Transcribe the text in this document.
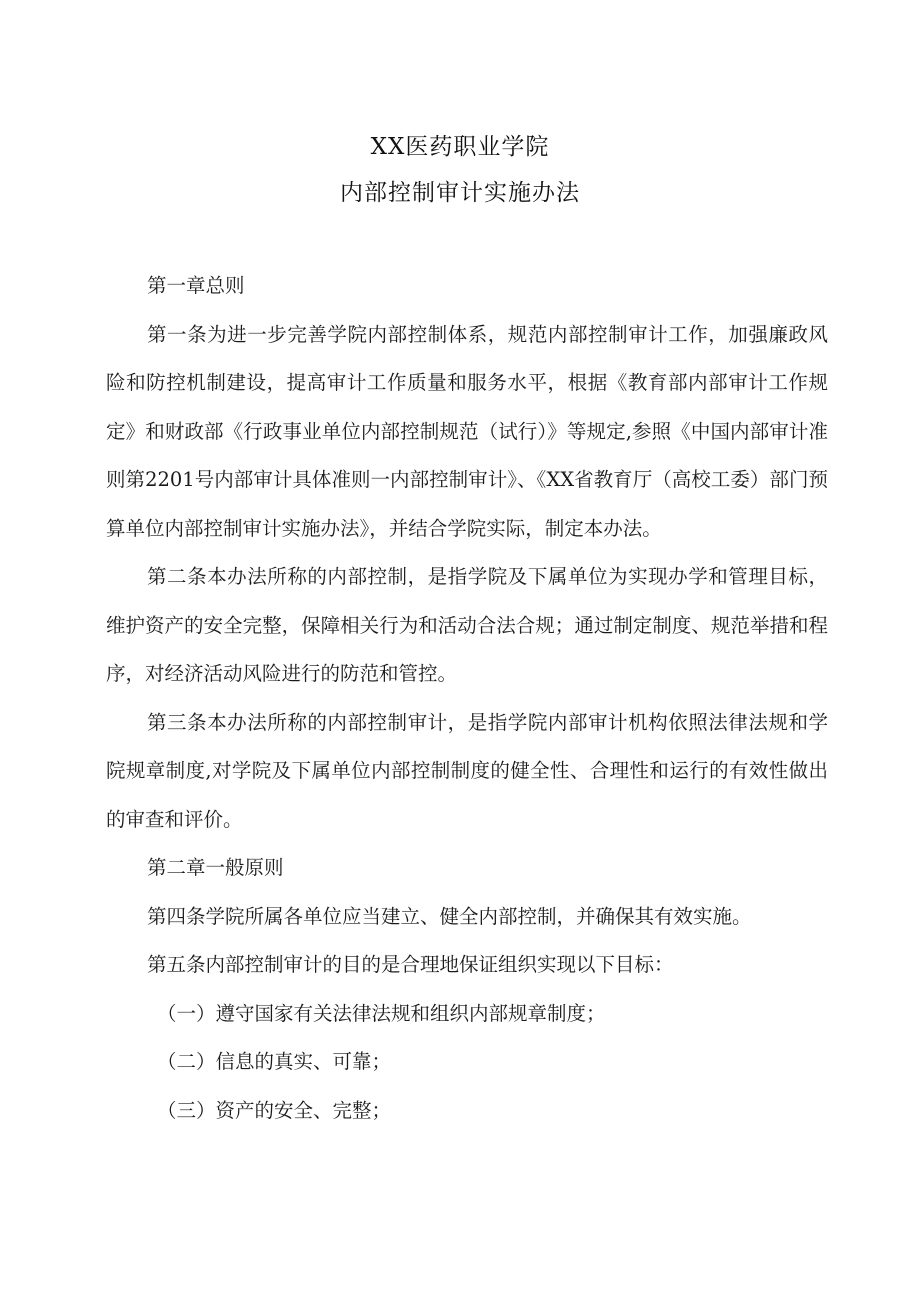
XX医药职业学院
内部控制审计实施办法

第一章总则

第一条为进一步完善学院内部控制体系，规范内部控制审计工作，加强廉政风险和防控机制建设，提高审计工作质量和服务水平，根据《教育部内部审计工作规定》和财政部《行政事业单位内部控制规范（试行）》等规定,参照《中国内部审计准则第2201号内部审计具体准则一内部控制审计》、《XX省教育厅（高校工委）部门预算单位内部控制审计实施办法》，并结合学院实际，制定本办法。

第二条本办法所称的内部控制，是指学院及下属单位为实现办学和管理目标，维护资产的安全完整，保障相关行为和活动合法合规；通过制定制度、规范举措和程序，对经济活动风险进行的防范和管控。

第三条本办法所称的内部控制审计，是指学院内部审计机构依照法律法规和学院规章制度,对学院及下属单位内部控制制度的健全性、合理性和运行的有效性做出的审查和评价。

第二章一般原则

第四条学院所属各单位应当建立、健全内部控制，并确保其有效实施。

第五条内部控制审计的目的是合理地保证组织实现以下目标：

（一）遵守国家有关法律法规和组织内部规章制度；

（二）信息的真实、可靠；

（三）资产的安全、完整；
